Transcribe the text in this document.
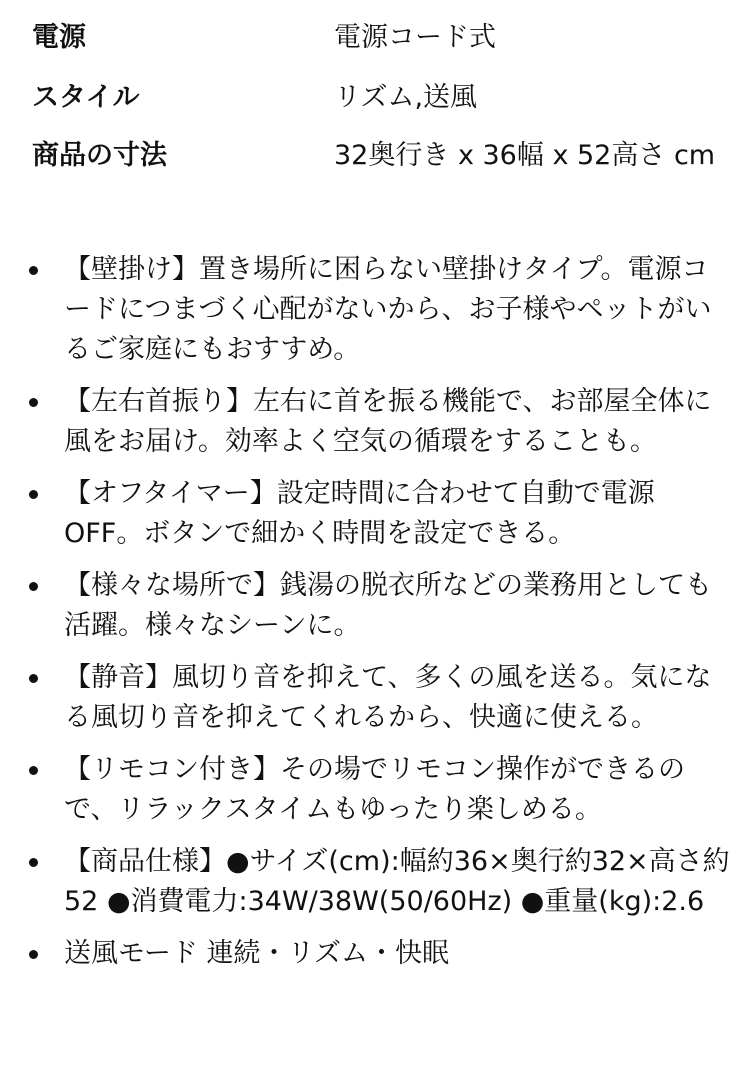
電源	電源コード式
スタイル	リズム,送風
商品の寸法	32奥行き x 36幅 x 52高さ cm
【壁掛け】置き場所に困らない壁掛けタイプ。電源コードにつまづく心配がないから、お子様やペットがいるご家庭にもおすすめ。
【左右首振り】左右に首を振る機能で、お部屋全体に風をお届け。効率よく空気の循環をすることも。
【オフタイマー】設定時間に合わせて自動で電源OFF。ボタンで細かく時間を設定できる。
【様々な場所で】銭湯の脱衣所などの業務用としても活躍。様々なシーンに。
【静音】風切り音を抑えて、多くの風を送る。気になる風切り音を抑えてくれるから、快適に使える。
【リモコン付き】その場でリモコン操作ができるので、リラックスタイムもゆったり楽しめる。
【商品仕様】●サイズ(cm):幅約36×奥行約32×高さ約52 ●消費電力:34W/38W(50/60Hz) ●重量(kg):2.6
送風モード 連続・リズム・快眠
